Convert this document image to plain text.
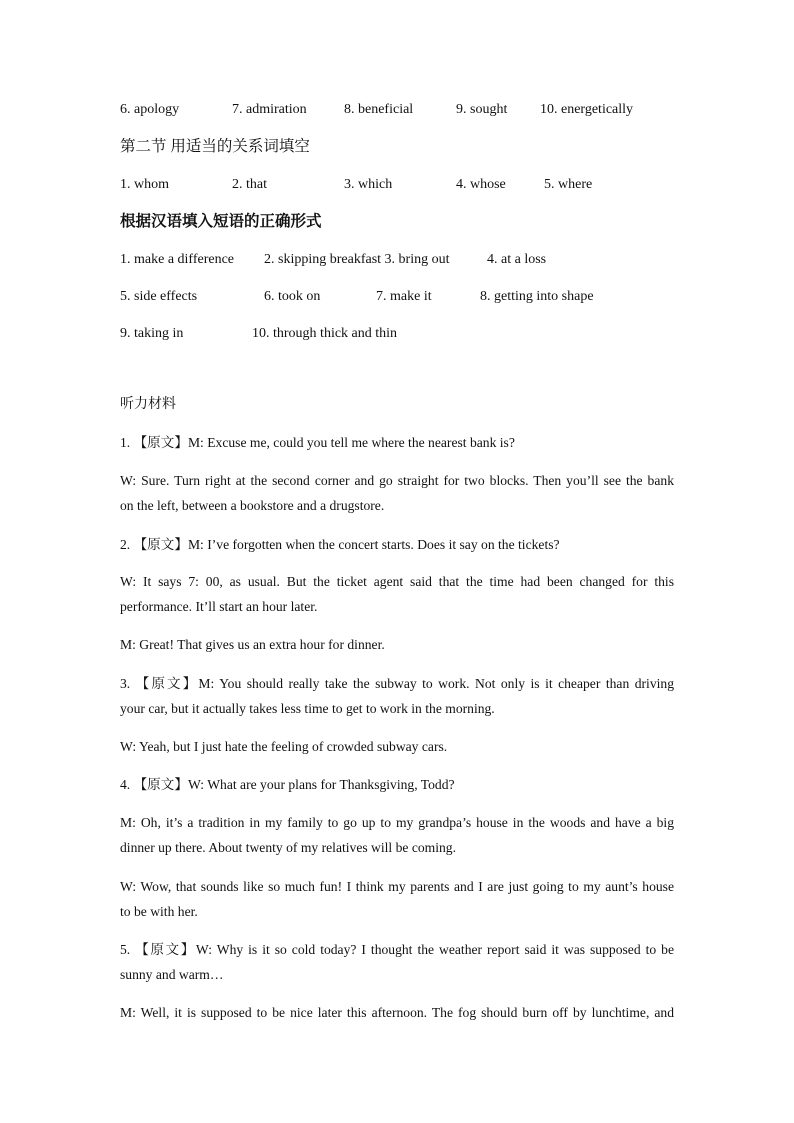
6. apology	7. admiration	8. beneficial	9. sought 10. energetically
第二节 用适当的关系词填空
1. whom	2. that	3. which	4. whose	5. where
根据汉语填入短语的正确形式
1. make a difference 2. skipping breakfast 3. bring out	4. at a loss
5. side effects	6. took on	7. make it	8. getting into shape
9. taking in	10. through thick and thin
听力材料
1. 【原文】M: Excuse me, could you tell me where the nearest bank is?
W: Sure. Turn right at the second corner and go straight for two blocks. Then you’ll see the bank
on the left, between a bookstore and a drugstore.
2. 【原文】M: I’ve forgotten when the concert starts. Does it say on the tickets?
W: It says 7: 00, as usual. But the ticket agent said that the time had been changed for this
performance. It’ll start an hour later.
M: Great! That gives us an extra hour for dinner.
3. 【原文】M: You should really take the subway to work. Not only is it cheaper than driving
your car, but it actually takes less time to get to work in the morning.
W: Yeah, but I just hate the feeling of crowded subway cars.
4. 【原文】W: What are your plans for Thanksgiving, Todd?
M: Oh, it’s a tradition in my family to go up to my grandpa’s house in the woods and have a big
dinner up there. About twenty of my relatives will be coming.
W: Wow, that sounds like so much fun! I think my parents and I are just going to my aunt’s house
to be with her.
5. 【原文】W: Why is it so cold today? I thought the weather report said it was supposed to be
sunny and warm…
M: Well, it is supposed to be nice later this afternoon. The fog should burn off by lunchtime, and
